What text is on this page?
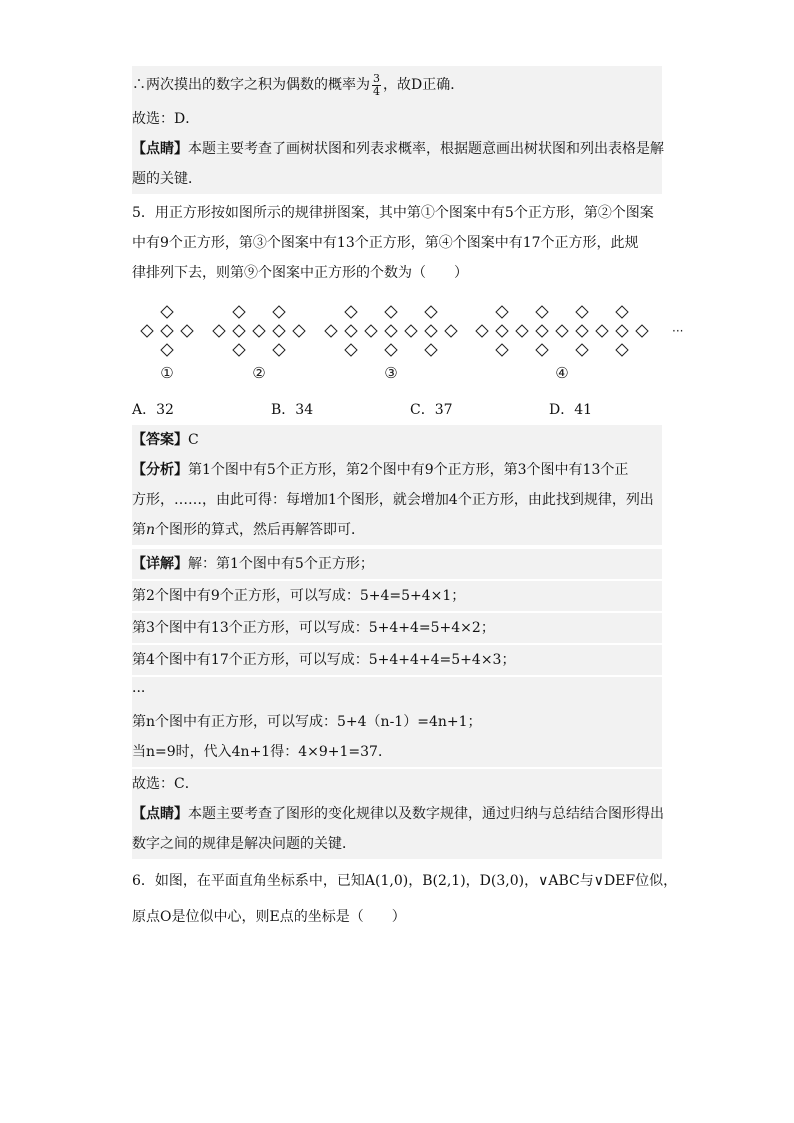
∴两次摸出的数字之积为偶数的概率为 $\frac{3}{4}$ ，故D正确．
故选：D．
【点睛】本题主要考查了画树状图和列表求概率，根据题意画出树状图和列出表格是解
题的关键．
5．用正方形按如图所示的规律拼图案，其中第①个图案中有5个正方形，第②个图案
中有9个正方形，第③个图案中有13个正方形，第④个图案中有17个正方形，此规
律排列下去，则第⑨个图案中正方形的个数为（　　）
①	②	③	④
···
A．32	B．34	C．37	D．41
【答案】C
【分析】第1个图中有5个正方形，第2个图中有9个正方形，第3个图中有13个正
方形，……，由此可得：每增加1个图形，就会增加4个正方形，由此找到规律，列出
第n个图形的算式，然后再解答即可．
【详解】解：第1个图中有5个正方形；
第2个图中有9个正方形，可以写成：5+4=5+4×1；
第3个图中有13个正方形，可以写成：5+4+4=5+4×2；
第4个图中有17个正方形，可以写成：5+4+4+4=5+4×3；
···
第n个图中有正方形，可以写成：5+4（n-1）=4n+1；
当n=9时，代入4n+1得：4×9+1=37．
故选：C．
【点睛】本题主要考查了图形的变化规律以及数字规律，通过归纳与总结结合图形得出
数字之间的规律是解决问题的关键．
6．如图，在平面直角坐标系中，已知A(1,0)，B(2,1)，D(3,0)，∨ABC与∨DEF位似，
原点O是位似中心，则E点的坐标是（　　）
